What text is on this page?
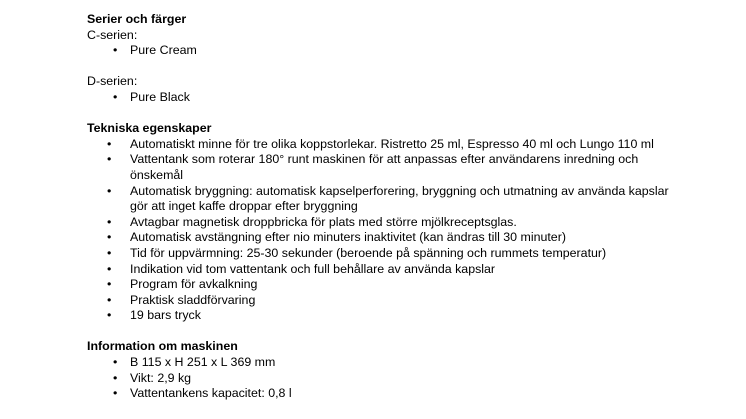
Serier och färger

C-serien:

• Pure Cream

D-serien:

• Pure Black

Tekniska egenskaper

• Automatiskt minne för tre olika koppstorlekar. Ristretto 25 ml, Espresso 40 ml och Lungo 110 ml
• Vattentank som roterar 180° runt maskinen för att anpassas efter användarens inredning och önskemål
• Automatisk bryggning: automatisk kapselperforering, bryggning och utmatning av använda kapslar gör att inget kaffe droppar efter bryggning
• Avtagbar magnetisk droppbricka för plats med större mjölkreceptsglas.
• Automatisk avstängning efter nio minuters inaktivitet (kan ändras till 30 minuter)
• Tid för uppvärmning: 25-30 sekunder (beroende på spänning och rummets temperatur)
• Indikation vid tom vattentank och full behållare av använda kapslar
• Program för avkalkning
• Praktisk sladdförvaring
• 19 bars tryck

Information om maskinen

• B 115 x H 251 x L 369 mm
• Vikt: 2,9 kg
• Vattentankens kapacitet: 0,8 l
